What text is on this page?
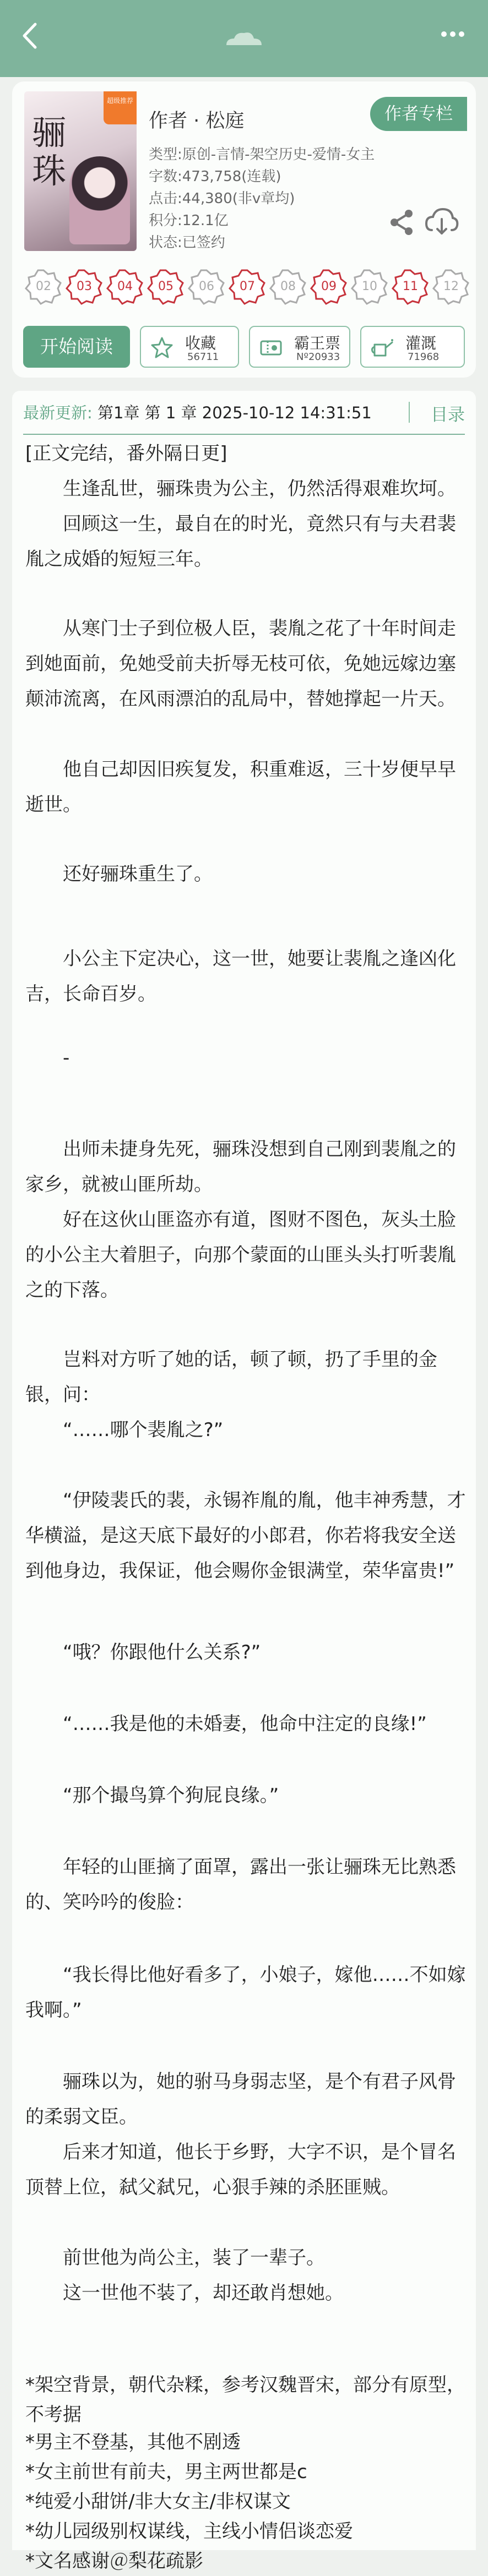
骊
珠
超级推荐
作者 · 松庭	作者专栏
类型:原创-言情-架空历史-爱情-女主
字数:473,758(连载)
点击:44,380(非v章均)
积分:12.1亿
状态:已签约
02	03	04	05	06	07	08	09	10	11	12
开始阅读	收藏
56711
霸王票
Nº20933
灌溉
71968
最新更新: 第1章 第 1 章 2025-10-12 14:31:51	目录
[正文完结，番外隔日更]
生逢乱世，骊珠贵为公主，仍然活得艰难坎坷。
回顾这一生，最自在的时光，竟然只有与夫君裴胤之成婚的短短三年。
从寒门士子到位极人臣，裴胤之花了十年时间走到她面前，免她受前夫折辱无枝可依，免她远嫁边塞颠沛流离，在风雨漂泊的乱局中，替她撑起一片天。
他自己却因旧疾复发，积重难返，三十岁便早早逝世。
还好骊珠重生了。
小公主下定决心，这一世，她要让裴胤之逢凶化吉，长命百岁。
-
出师未捷身先死，骊珠没想到自己刚到裴胤之的家乡，就被山匪所劫。
好在这伙山匪盗亦有道，图财不图色，灰头土脸的小公主大着胆子，向那个蒙面的山匪头头打听裴胤之的下落。
岂料对方听了她的话，顿了顿，扔了手里的金银，问：
“……哪个裴胤之?”
“伊陵裴氏的裴，永锡祚胤的胤，他丰神秀慧，才华横溢，是这天底下最好的小郎君，你若将我安全送到他身边，我保证，他会赐你金银满堂，荣华富贵!”
“哦？你跟他什么关系?”
“……我是他的未婚妻，他命中注定的良缘!”
“那个撮鸟算个狗屁良缘。”
年轻的山匪摘了面罩，露出一张让骊珠无比熟悉的、笑吟吟的俊脸：
“我长得比他好看多了，小娘子，嫁他……不如嫁我啊。”
骊珠以为，她的驸马身弱志坚，是个有君子风骨的柔弱文臣。
后来才知道，他长于乡野，大字不识，是个冒名顶替上位，弑父弑兄，心狠手辣的杀胚匪贼。
前世他为尚公主，装了一辈子。
这一世他不装了，却还敢肖想她。
*架空背景，朝代杂糅，参考汉魏晋宋，部分有原型，不考据
*男主不登基，其他不剧透
*女主前世有前夫，男主两世都是c
*纯爱小甜饼/非大女主/非权谋文
*幼儿园级别权谋线，主线小情侣谈恋爱
*文名感谢＠梨花疏影
